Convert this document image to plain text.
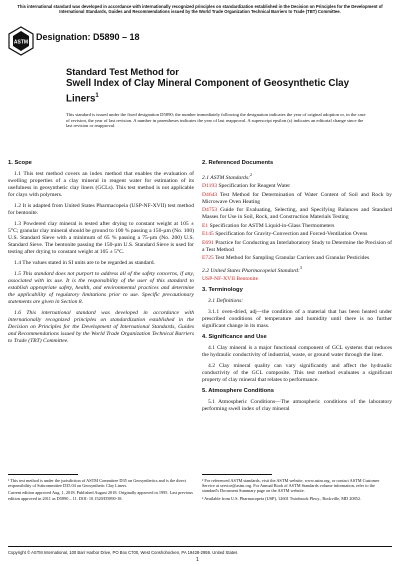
This international standard was developed in accordance with internationally recognized principles on standardization established in the Decision on Principles for the Development of International Standards, Guides and Recommendations issued by the World Trade Organization Technical Barriers to Trade (TBT) Committee.
ASTM
Designation: D5890 – 18
Standard Test Method for
Swell Index of Clay Mineral Component of Geosynthetic Clay Liners$^1$
This standard is issued under the fixed designation D5890; the number immediately following the designation indicates the year of original adoption or, in the case of revision, the year of last revision. A number in parentheses indicates the year of last reapproval. A superscript epsilon (ε) indicates an editorial change since the last revision or reapproval.
1. Scope
1.1 This test method covers an index method that enables the evaluation of swelling properties of a clay mineral in reagent water for estimation of its usefulness in geosynthetic clay liners (GCLs). This test method is not applicable for clays with polymers.
1.2 It is adapted from United States Pharmacopeia (USP-NF-XVII) test method for bentonite.
1.3 Powdered clay mineral is tested after drying to constant weight at 105 ± 5°C; granular clay mineral should be ground to 100 % passing a 150-µm (No. 100) U.S. Standard Sieve with a minimum of 65 % passing a 75-µm (No. 200) U.S. Standard Sieve. The bentonite passing the 150-µm U.S. Standard Sieve is used for testing after drying to constant weight at 105 ± 5°C.
1.4 The values stated in SI units are to be regarded as standard.
1.5 This standard does not purport to address all of the safety concerns, if any, associated with its use. It is the responsibility of the user of this standard to establish appropriate safety, health, and environmental practices and determine the applicability of regulatory limitations prior to use. Specific precautionary statements are given in Section 8.
1.6 This international standard was developed in accordance with internationally recognized principles on standardization established in the Decision on Principles for the Development of International Standards, Guides and Recommendations issued by the World Trade Organization Technical Barriers to Trade (TBT) Committee.
2. Referenced Documents
2.1 ASTM Standards:$^2$
D1193 Specification for Reagent Water
D4643 Test Method for Determination of Water Content of Soil and Rock by Microwave Oven Heating
D4753 Guide for Evaluating, Selecting, and Specifying Balances and Standard Masses for Use in Soil, Rock, and Construction Materials Testing
E1 Specification for ASTM Liquid-in-Glass Thermometers
E145 Specification for Gravity-Convection and Forced-Ventilation Ovens
E691 Practice for Conducting an Interlaboratory Study to Determine the Precision of a Test Method
E725 Test Method for Sampling Granular Carriers and Granular Pesticides
2.2 United States Pharmacopeial Standard:$^3$
USP-NF-XVII Bentonite
3. Terminology
3.1 Definitions:
3.1.1 oven-dried, adj—the condition of a material that has been heated under prescribed conditions of temperature and humidity until there is no further significant change in its mass.
4. Significance and Use
4.1 Clay mineral is a major functional component of GCL systems that reduces the hydraulic conductivity of industrial, waste, or ground water through the liner.
4.2 Clay mineral quality can vary significantly and affect the hydraulic conductivity of the GCL composite. This test method evaluates a significant property of clay mineral that relates to performance.
5. Atmosphere Conditions
5.1 Atmospheric Conditions—The atmospheric conditions of the laboratory performing swell index of clay mineral
¹ This test method is under the jurisdiction of ASTM Committee D35 on Geosynthetics and is the direct responsibility of Subcommittee D35.04 on Geosynthetic Clay Liners.
Current edition approved Aug. 1, 2018. Published August 2018. Originally approved in 1995. Last previous edition approved in 2011 as D5890 – 11. DOI: 10.1520/D5890-18.
² For referenced ASTM standards, visit the ASTM website, www.astm.org, or contact ASTM Customer Service at service@astm.org. For Annual Book of ASTM Standards volume information, refer to the standard's Document Summary page on the ASTM website.
³ Available from U.S. Pharmacopeia (USP), 12601 Twinbrook Pkwy., Rockville, MD 20852.
Copyright © ASTM International, 100 Barr Harbor Drive, PO Box C700, West Conshohocken, PA 19428-2959. United States
1
